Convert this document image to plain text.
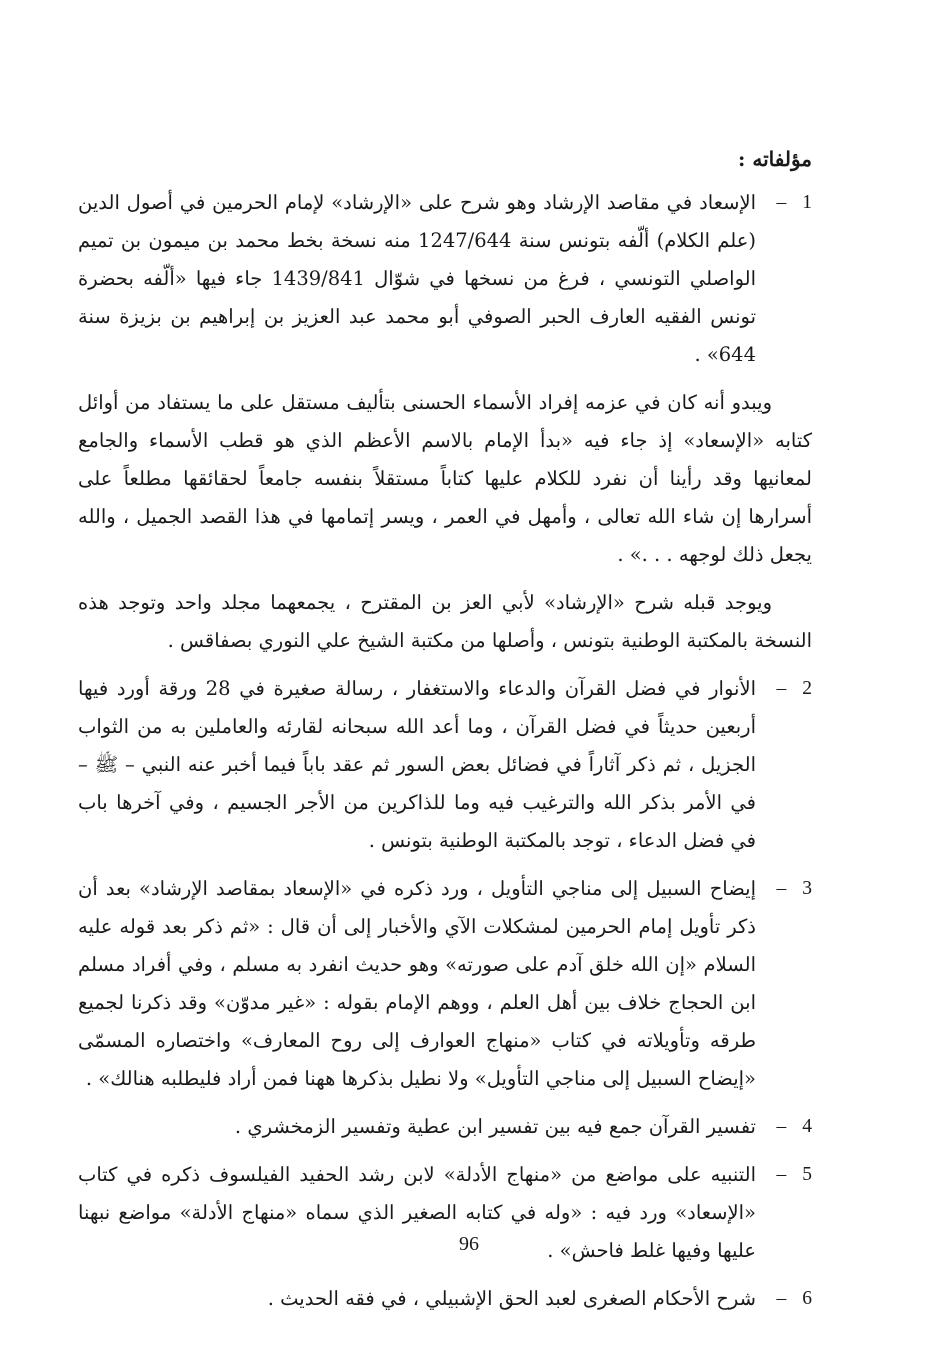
مؤلفاته :
1
–
الإسعاد في مقاصد الإرشاد وهو شرح على «الإرشاد» لإمام الحرمين في أصول الدين (علم الكلام) ألّفه بتونس سنة 1247/644 منه نسخة بخط محمد بن ميمون بن تميم الواصلي التونسي ، فرغ من نسخها في شوّال 1439/841 جاء فيها «ألّفه بحضرة تونس الفقيه العارف الحبر الصوفي أبو محمد عبد العزيز بن إبراهيم بن بزيزة سنة 644» .

ويبدو أنه كان في عزمه إفراد الأسماء الحسنى بتأليف مستقل على ما يستفاد من أوائل كتابه «الإسعاد» إذ جاء فيه «بدأ الإمام بالاسم الأعظم الذي هو قطب الأسماء والجامع لمعانيها وقد رأينا أن نفرد للكلام عليها كتاباً مستقلاً بنفسه جامعاً لحقائقها مطلعاً على أسرارها إن شاء الله تعالى ، وأمهل في العمر ، ويسر إتمامها في هذا القصد الجميل ، والله يجعل ذلك لوجهه . . .» .

ويوجد قبله شرح «الإرشاد» لأبي العز بن المقترح ، يجمعهما مجلد واحد وتوجد هذه النسخة بالمكتبة الوطنية بتونس ، وأصلها من مكتبة الشيخ علي النوري بصفاقس .

2
–
الأنوار في فضل القرآن والدعاء والاستغفار ، رسالة صغيرة في 28 ورقة أورد فيها أربعين حديثاً في فضل القرآن ، وما أعد الله سبحانه لقارئه والعاملين به من الثواب الجزيل ، ثم ذكر آثاراً في فضائل بعض السور ثم عقد باباً فيما أخبر عنه النبي – ﷺ – في الأمر بذكر الله والترغيب فيه وما للذاكرين من الأجر الجسيم ، وفي آخرها باب في فضل الدعاء ، توجد بالمكتبة الوطنية بتونس .
3
–
إيضاح السبيل إلى مناجي التأويل ، ورد ذكره في «الإسعاد بمقاصد الإرشاد» بعد أن ذكر تأويل إمام الحرمين لمشكلات الآي والأخبار إلى أن قال : «ثم ذكر بعد قوله عليه السلام «إن الله خلق آدم على صورته» وهو حديث انفرد به مسلم ، وفي أفراد مسلم ابن الحجاج خلاف بين أهل العلم ، ووهم الإمام بقوله : «غير مدوّن» وقد ذكرنا لجميع طرقه وتأويلاته في كتاب «منهاج العوارف إلى روح المعارف» واختصاره المسمّى «إيضاح السبيل إلى مناجي التأويل» ولا نطيل بذكرها ههنا فمن أراد فليطلبه هنالك» .
4
–
تفسير القرآن جمع فيه بين تفسير ابن عطية وتفسير الزمخشري .
5
–
التنبيه على مواضع من «منهاج الأدلة» لابن رشد الحفيد الفيلسوف ذكره في كتاب «الإسعاد» ورد فيه : «وله في كتابه الصغير الذي سماه «منهاج الأدلة» مواضع نبهنا عليها وفيها غلط فاحش» .
6
–
شرح الأحكام الصغرى لعبد الحق الإشبيلي ، في فقه الحديث .
96
